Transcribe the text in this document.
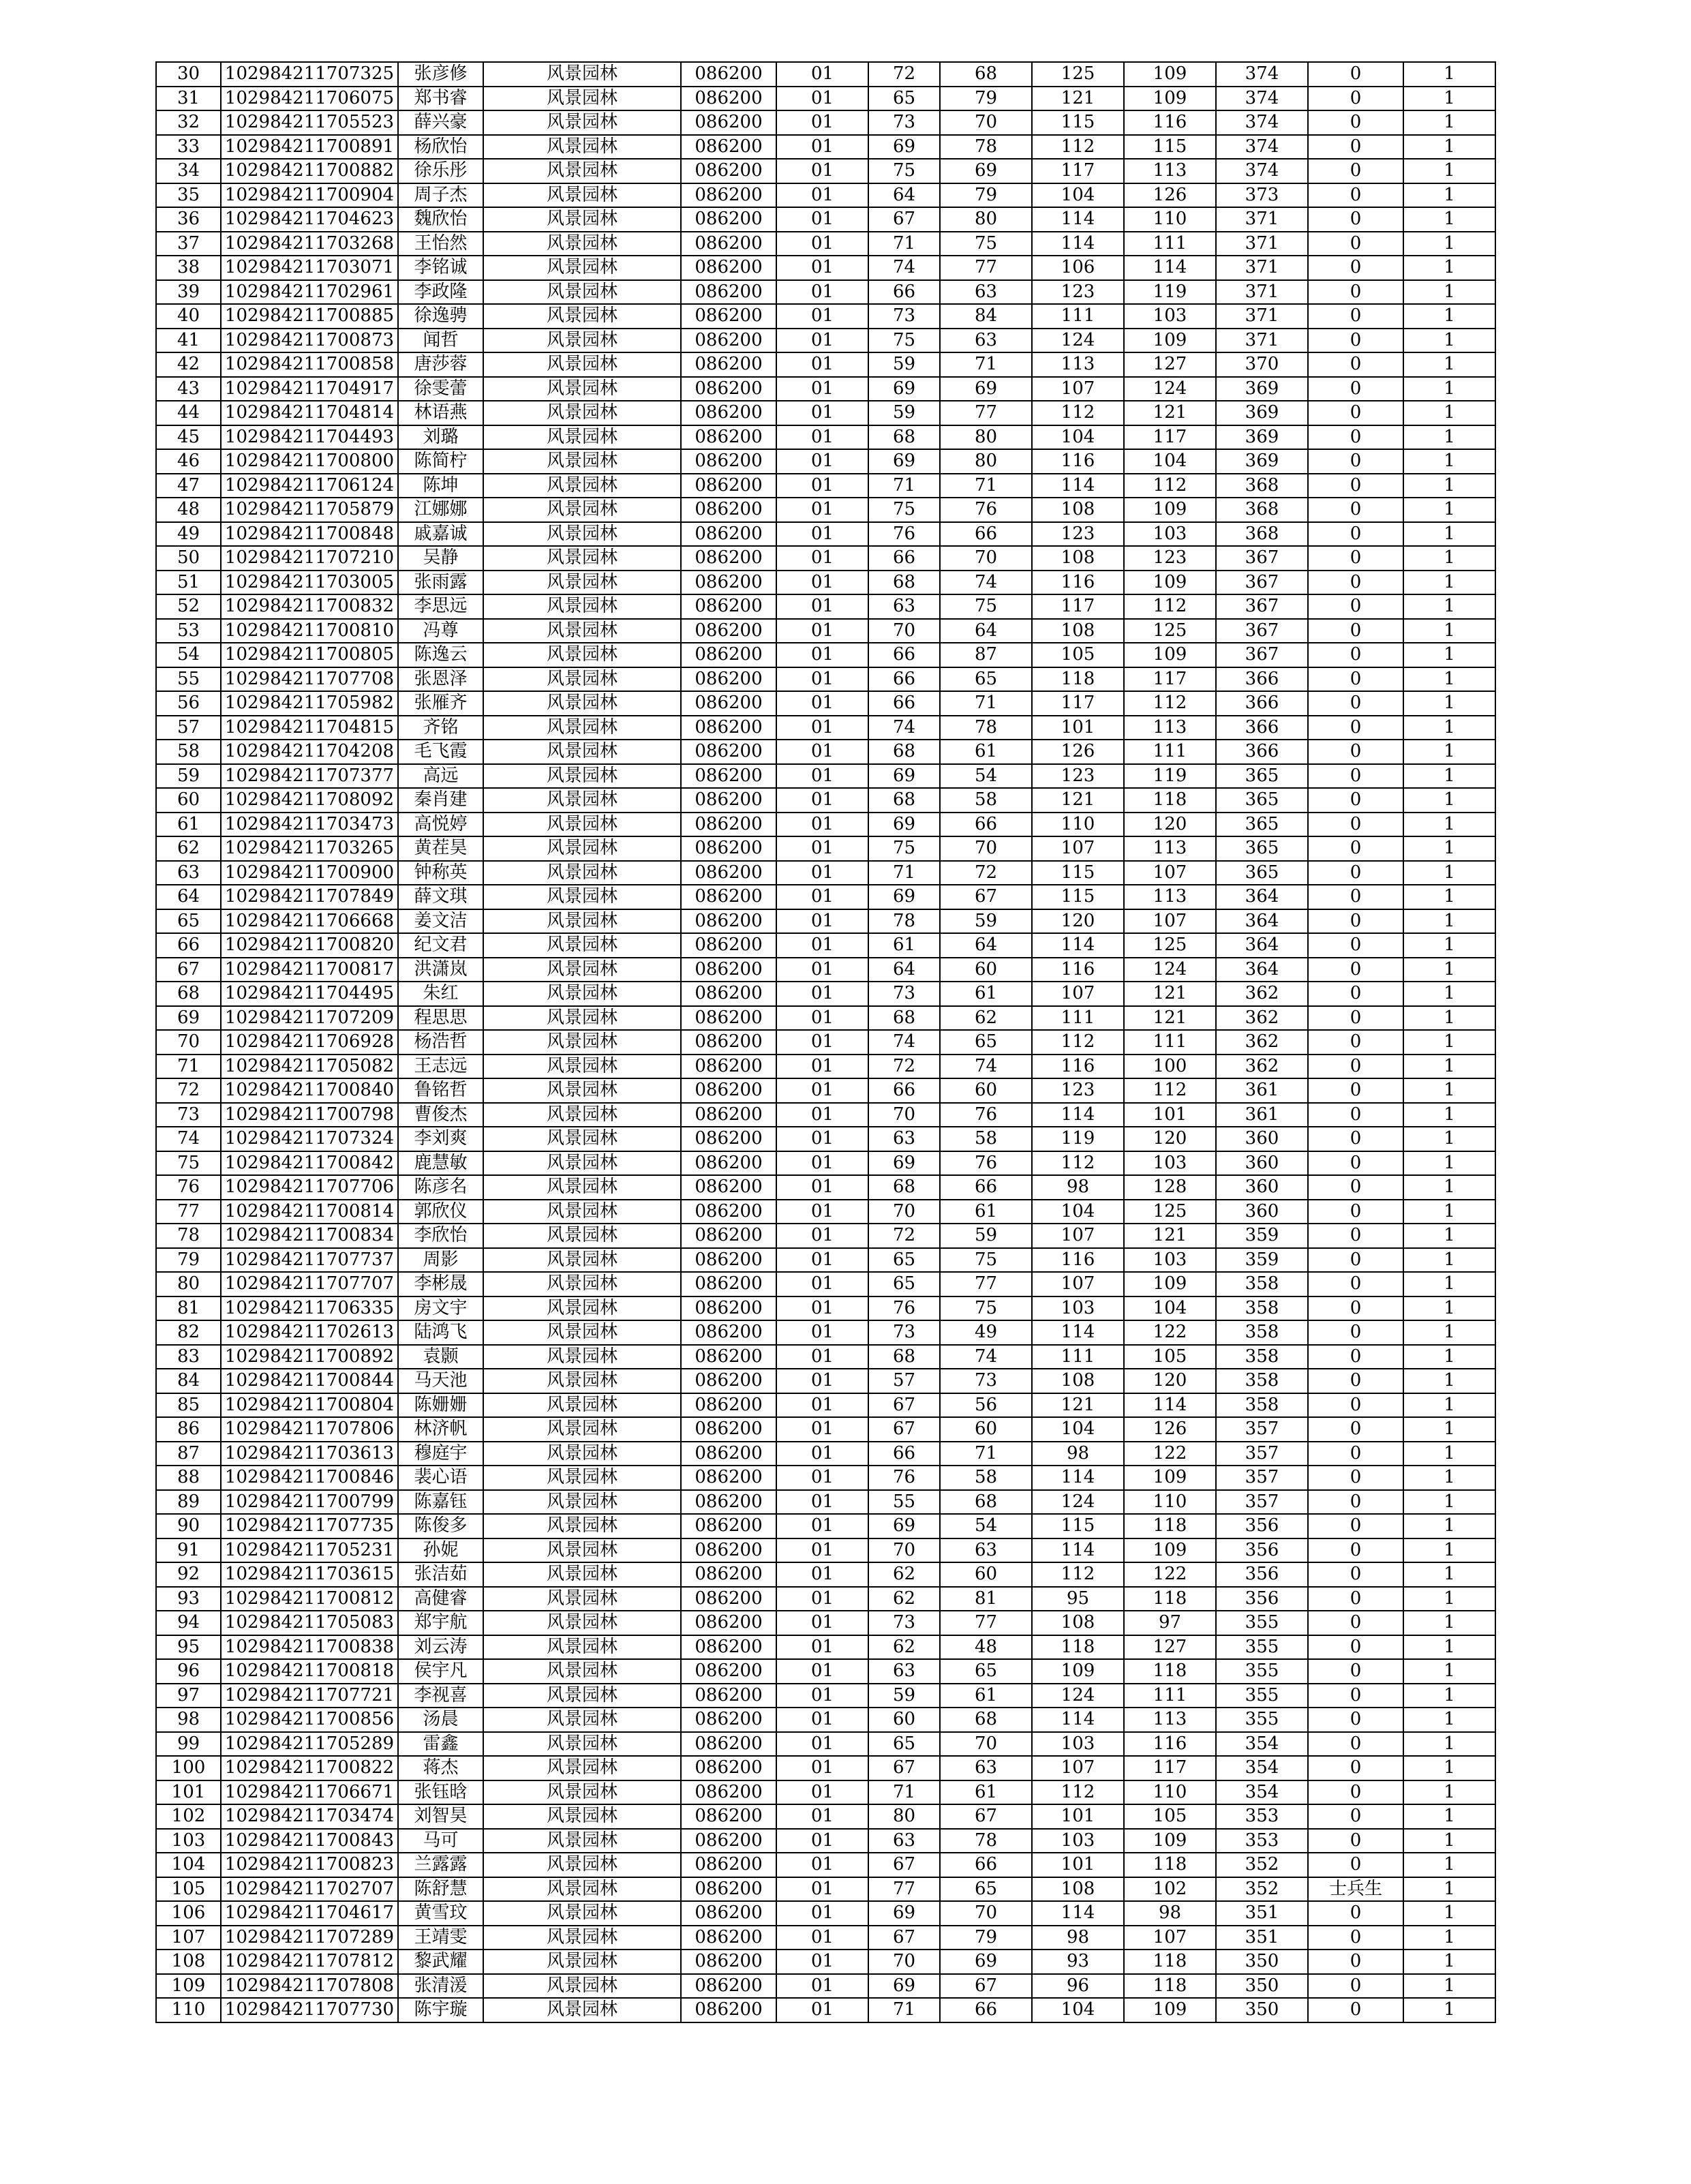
30	102984211707325	张彦修	风景园林	086200	01	72	68	125	109	374	0	1
31	102984211706075	郑书睿	风景园林	086200	01	65	79	121	109	374	0	1
32	102984211705523	薛兴豪	风景园林	086200	01	73	70	115	116	374	0	1
33	102984211700891	杨欣怡	风景园林	086200	01	69	78	112	115	374	0	1
34	102984211700882	徐乐彤	风景园林	086200	01	75	69	117	113	374	0	1
35	102984211700904	周子杰	风景园林	086200	01	64	79	104	126	373	0	1
36	102984211704623	魏欣怡	风景园林	086200	01	67	80	114	110	371	0	1
37	102984211703268	王怡然	风景园林	086200	01	71	75	114	111	371	0	1
38	102984211703071	李铭诚	风景园林	086200	01	74	77	106	114	371	0	1
39	102984211702961	李政隆	风景园林	086200	01	66	63	123	119	371	0	1
40	102984211700885	徐逸骋	风景园林	086200	01	73	84	111	103	371	0	1
41	102984211700873	闻哲	风景园林	086200	01	75	63	124	109	371	0	1
42	102984211700858	唐莎蓉	风景园林	086200	01	59	71	113	127	370	0	1
43	102984211704917	徐雯蕾	风景园林	086200	01	69	69	107	124	369	0	1
44	102984211704814	林语燕	风景园林	086200	01	59	77	112	121	369	0	1
45	102984211704493	刘璐	风景园林	086200	01	68	80	104	117	369	0	1
46	102984211700800	陈简柠	风景园林	086200	01	69	80	116	104	369	0	1
47	102984211706124	陈坤	风景园林	086200	01	71	71	114	112	368	0	1
48	102984211705879	江娜娜	风景园林	086200	01	75	76	108	109	368	0	1
49	102984211700848	戚嘉诚	风景园林	086200	01	76	66	123	103	368	0	1
50	102984211707210	吴静	风景园林	086200	01	66	70	108	123	367	0	1
51	102984211703005	张雨露	风景园林	086200	01	68	74	116	109	367	0	1
52	102984211700832	李思远	风景园林	086200	01	63	75	117	112	367	0	1
53	102984211700810	冯尊	风景园林	086200	01	70	64	108	125	367	0	1
54	102984211700805	陈逸云	风景园林	086200	01	66	87	105	109	367	0	1
55	102984211707708	张恩泽	风景园林	086200	01	66	65	118	117	366	0	1
56	102984211705982	张雁齐	风景园林	086200	01	66	71	117	112	366	0	1
57	102984211704815	齐铭	风景园林	086200	01	74	78	101	113	366	0	1
58	102984211704208	毛飞霞	风景园林	086200	01	68	61	126	111	366	0	1
59	102984211707377	高远	风景园林	086200	01	69	54	123	119	365	0	1
60	102984211708092	秦肖建	风景园林	086200	01	68	58	121	118	365	0	1
61	102984211703473	高悦婷	风景园林	086200	01	69	66	110	120	365	0	1
62	102984211703265	黄茬昊	风景园林	086200	01	75	70	107	113	365	0	1
63	102984211700900	钟称英	风景园林	086200	01	71	72	115	107	365	0	1
64	102984211707849	薛文琪	风景园林	086200	01	69	67	115	113	364	0	1
65	102984211706668	姜文洁	风景园林	086200	01	78	59	120	107	364	0	1
66	102984211700820	纪文君	风景园林	086200	01	61	64	114	125	364	0	1
67	102984211700817	洪潇岚	风景园林	086200	01	64	60	116	124	364	0	1
68	102984211704495	朱红	风景园林	086200	01	73	61	107	121	362	0	1
69	102984211707209	程思思	风景园林	086200	01	68	62	111	121	362	0	1
70	102984211706928	杨浩哲	风景园林	086200	01	74	65	112	111	362	0	1
71	102984211705082	王志远	风景园林	086200	01	72	74	116	100	362	0	1
72	102984211700840	鲁铭哲	风景园林	086200	01	66	60	123	112	361	0	1
73	102984211700798	曹俊杰	风景园林	086200	01	70	76	114	101	361	0	1
74	102984211707324	李刘爽	风景园林	086200	01	63	58	119	120	360	0	1
75	102984211700842	鹿慧敏	风景园林	086200	01	69	76	112	103	360	0	1
76	102984211707706	陈彦名	风景园林	086200	01	68	66	98	128	360	0	1
77	102984211700814	郭欣仪	风景园林	086200	01	70	61	104	125	360	0	1
78	102984211700834	李欣怡	风景园林	086200	01	72	59	107	121	359	0	1
79	102984211707737	周影	风景园林	086200	01	65	75	116	103	359	0	1
80	102984211707707	李彬晟	风景园林	086200	01	65	77	107	109	358	0	1
81	102984211706335	房文宇	风景园林	086200	01	76	75	103	104	358	0	1
82	102984211702613	陆鸿飞	风景园林	086200	01	73	49	114	122	358	0	1
83	102984211700892	袁颢	风景园林	086200	01	68	74	111	105	358	0	1
84	102984211700844	马天池	风景园林	086200	01	57	73	108	120	358	0	1
85	102984211700804	陈姗姗	风景园林	086200	01	67	56	121	114	358	0	1
86	102984211707806	林济帆	风景园林	086200	01	67	60	104	126	357	0	1
87	102984211703613	穆庭宇	风景园林	086200	01	66	71	98	122	357	0	1
88	102984211700846	裴心语	风景园林	086200	01	76	58	114	109	357	0	1
89	102984211700799	陈嘉钰	风景园林	086200	01	55	68	124	110	357	0	1
90	102984211707735	陈俊多	风景园林	086200	01	69	54	115	118	356	0	1
91	102984211705231	孙妮	风景园林	086200	01	70	63	114	109	356	0	1
92	102984211703615	张洁茹	风景园林	086200	01	62	60	112	122	356	0	1
93	102984211700812	高健睿	风景园林	086200	01	62	81	95	118	356	0	1
94	102984211705083	郑宇航	风景园林	086200	01	73	77	108	97	355	0	1
95	102984211700838	刘云涛	风景园林	086200	01	62	48	118	127	355	0	1
96	102984211700818	侯宇凡	风景园林	086200	01	63	65	109	118	355	0	1
97	102984211707721	李视喜	风景园林	086200	01	59	61	124	111	355	0	1
98	102984211700856	汤晨	风景园林	086200	01	60	68	114	113	355	0	1
99	102984211705289	雷鑫	风景园林	086200	01	65	70	103	116	354	0	1
100	102984211700822	蒋杰	风景园林	086200	01	67	63	107	117	354	0	1
101	102984211706671	张钰晗	风景园林	086200	01	71	61	112	110	354	0	1
102	102984211703474	刘智昊	风景园林	086200	01	80	67	101	105	353	0	1
103	102984211700843	马可	风景园林	086200	01	63	78	103	109	353	0	1
104	102984211700823	兰露露	风景园林	086200	01	67	66	101	118	352	0	1
105	102984211702707	陈舒慧	风景园林	086200	01	77	65	108	102	352	士兵生	1
106	102984211704617	黄雪玟	风景园林	086200	01	69	70	114	98	351	0	1
107	102984211707289	王靖雯	风景园林	086200	01	67	79	98	107	351	0	1
108	102984211707812	黎武耀	风景园林	086200	01	70	69	93	118	350	0	1
109	102984211707808	张清湲	风景园林	086200	01	69	67	96	118	350	0	1
110	102984211707730	陈宇璇	风景园林	086200	01	71	66	104	109	350	0	1
